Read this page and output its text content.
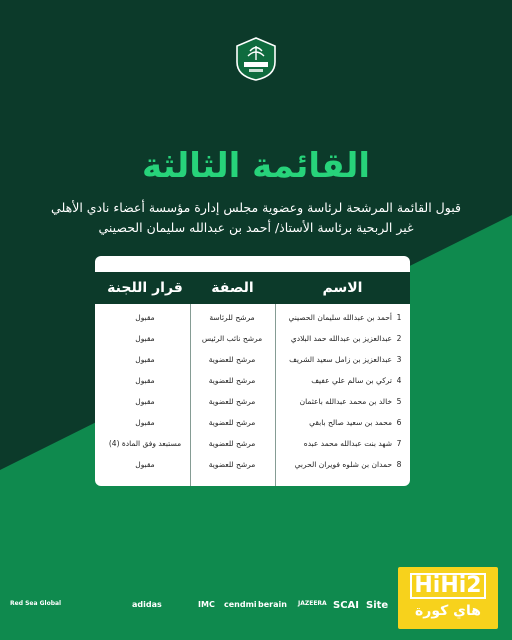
القائمة الثالثة
قبول القائمة المرشحة لرئاسة وعضوية مجلس إدارة مؤسسة أعضاء نادي الأهلي
غير الربحية برئاسة الأستاذ/ أحمد بن عبدالله سليمان الحصيني
الاسم
الصفة
قرار اللجنة
1
أحمد بن عبدالله سليمان الحصيني
مرشح للرئاسة
مقبول
2
عبدالعزيز بن عبدالله حمد البلادي
مرشح نائب الرئيس
مقبول
3
عبدالعزيز بن زامل سعيد الشريف
مرشح للعضوية
مقبول
4
تركي بن سالم علي عفيف
مرشح للعضوية
مقبول
5
خالد بن محمد عبدالله باعثمان
مرشح للعضوية
مقبول
6
محمد بن سعيد صالح بابقي
مرشح للعضوية
مقبول
7
شهد بنت عبدالله محمد عبده
مرشح للعضوية
مستبعد وفق المادة (4)
8
حمدان بن شلوه فويران الحربي
مرشح للعضوية
مقبول
Red Sea Global	adidas	IMC cendmi berain JAZEERA SCAI Site
HiHi2
هاي كورة
